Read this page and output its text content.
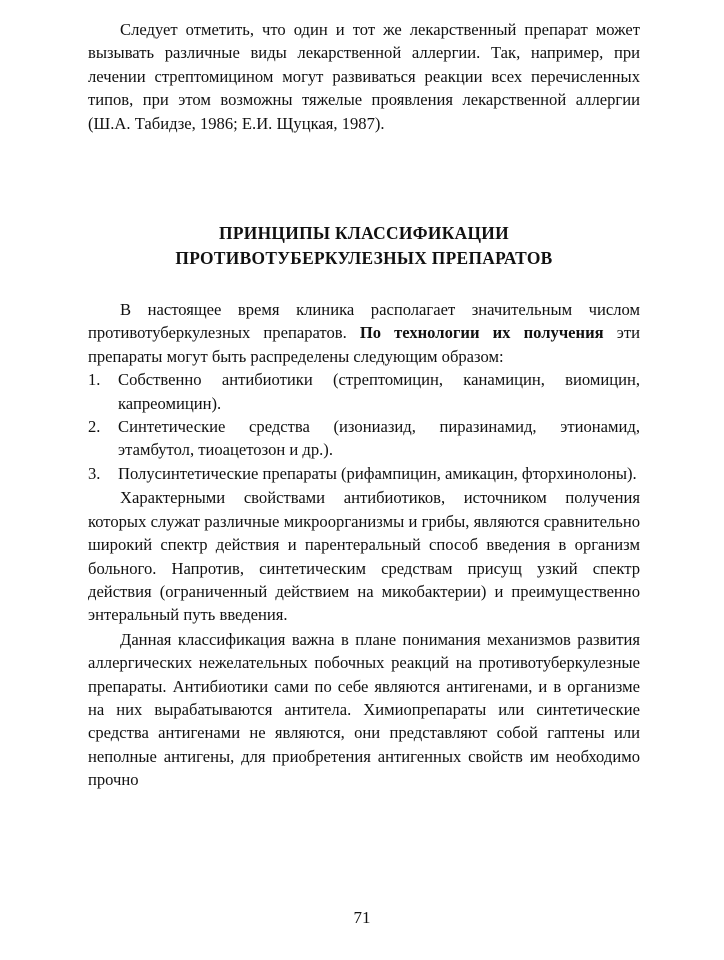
Следует отметить, что один и тот же лекарственный препарат может вызывать различные виды лекарственной аллергии. Так, например, при лечении стрептомицином могут развиваться реакции всех перечисленных типов, при этом возможны тяжелые проявления лекарственной аллергии (Ш.А. Табидзе, 1986; Е.И. Щуцкая, 1987).

ПРИНЦИПЫ КЛАССИФИКАЦИИ
ПРОТИВОТУБЕРКУЛЕЗНЫХ ПРЕПАРАТОВ

В настоящее время клиника располагает значительным числом противотуберкулезных препаратов. По технологии их получения эти препараты могут быть распределены следующим образом:

1.	Собственно антибиотики (стрептомицин, канамицин, виомицин, капреомицин).
2.	Синтетические средства (изониазид, пиразинамид, этионамид, этамбутол, тиоацетозон и др.).
3.	Полусинтетические препараты (рифампицин, амикацин, фторхинолоны).

Характерными свойствами антибиотиков, источником получения которых служат различные микроорганизмы и грибы, являются сравнительно широкий спектр действия и парентеральный способ введения в организм больного. Напротив, синтетическим средствам присущ узкий спектр действия (ограниченный действием на микобактерии) и преимущественно энтеральный путь введения.

Данная классификация важна в плане понимания механизмов развития аллергических нежелательных побочных реакций на противотуберкулезные препараты. Антибиотики сами по себе являются антигенами, и в организме на них вырабатываются антитела. Химиопрепараты или синтетические средства антигенами не являются, они представляют собой гаптены или неполные антигены, для приобретения антигенных свойств им необходимо прочно

71
